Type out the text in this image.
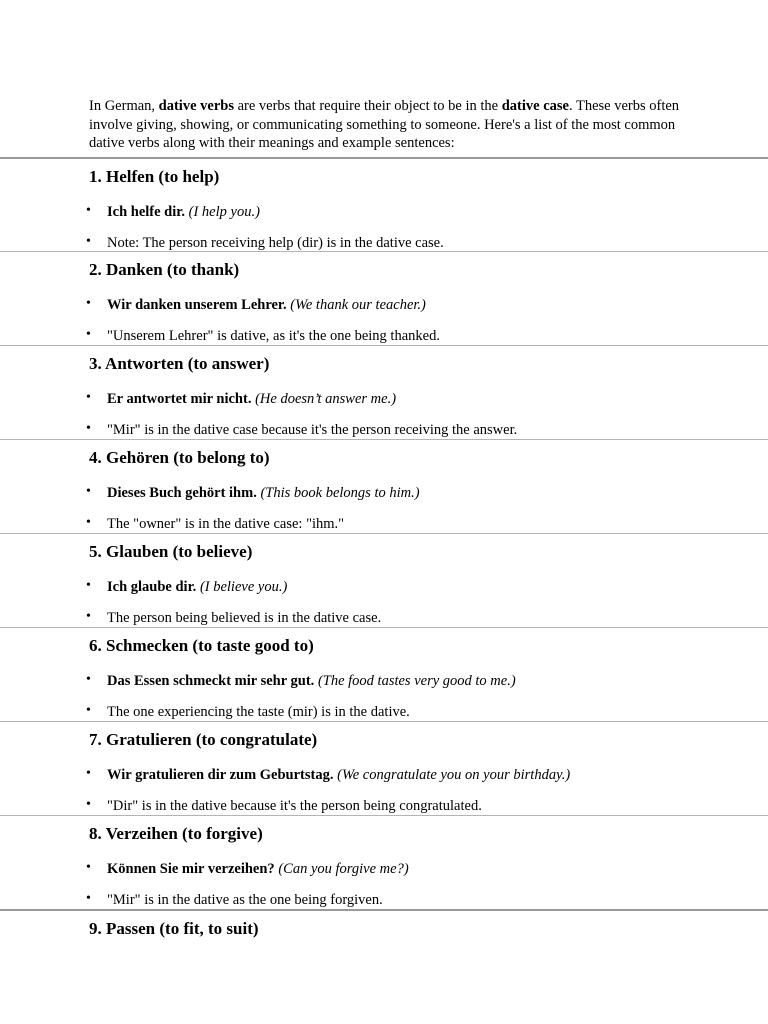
In German, dative verbs are verbs that require their object to be in the dative case. These verbs often involve giving, showing, or communicating something to someone. Here's a list of the most common dative verbs along with their meanings and example sentences:

1. Helfen (to help)
• Ich helfe dir. (I help you.)
• Note: The person receiving help (dir) is in the dative case.
2. Danken (to thank)
• Wir danken unserem Lehrer. (We thank our teacher.)
• "Unserem Lehrer" is dative, as it's the one being thanked.
3. Antworten (to answer)
• Er antwortet mir nicht. (He doesn’t answer me.)
• "Mir" is in the dative case because it's the person receiving the answer.
4. Gehören (to belong to)
• Dieses Buch gehört ihm. (This book belongs to him.)
• The "owner" is in the dative case: "ihm."
5. Glauben (to believe)
• Ich glaube dir. (I believe you.)
• The person being believed is in the dative case.
6. Schmecken (to taste good to)
• Das Essen schmeckt mir sehr gut. (The food tastes very good to me.)
• The one experiencing the taste (mir) is in the dative.
7. Gratulieren (to congratulate)
• Wir gratulieren dir zum Geburtstag. (We congratulate you on your birthday.)
• "Dir" is in the dative because it's the person being congratulated.
8. Verzeihen (to forgive)
• Können Sie mir verzeihen? (Can you forgive me?)
• "Mir" is in the dative as the one being forgiven.
9. Passen (to fit, to suit)
